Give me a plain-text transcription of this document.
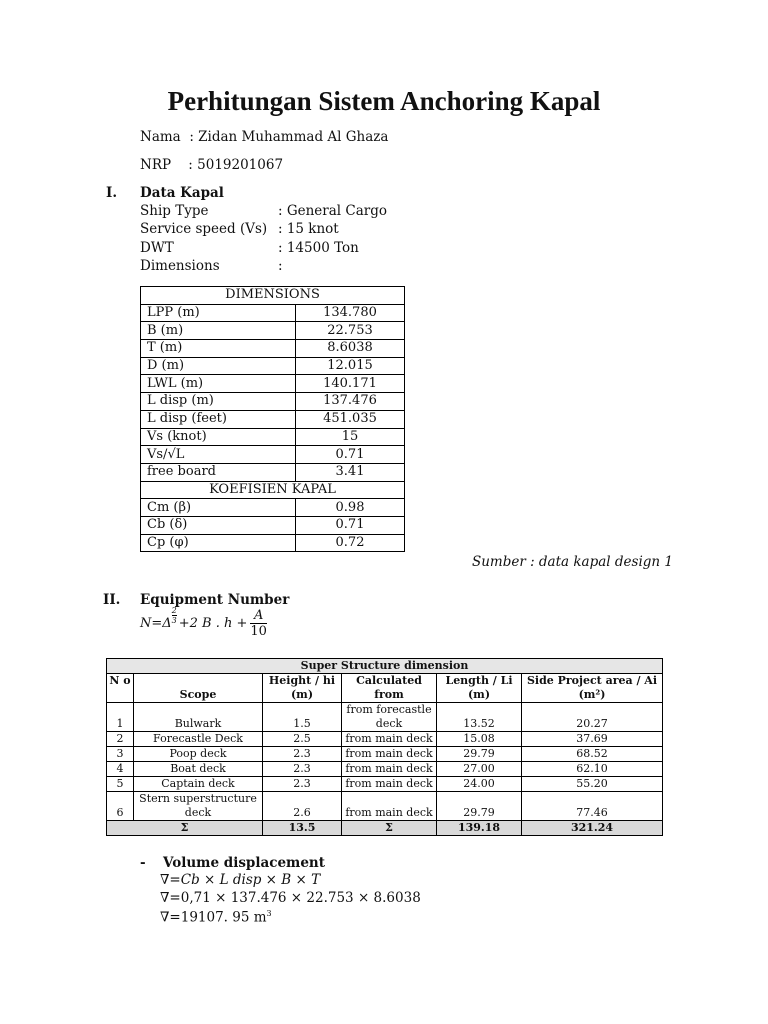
Perhitungan Sistem Anchoring Kapal
Nama : Zidan Muhammad Al Ghaza
NRP : 5019201067
I. Data Kapal
Ship Type	: General Cargo
Service speed (Vs) : 15 knot
DWT	: 14500 Ton
Dimensions	:
DIMENSIONS	
LPP (m)	134.780
B (m)	22.753
T (m)	8.6038
D (m)	12.015
LWL (m)	140.171
L disp (m)	137.476
L disp (feet)	451.035
Vs (knot)	15
Vs/√L	0.71
free board	3.41
KOEFISIEN KAPAL	
Cm (β)	0.98
Cb (δ)	0.71
Cp (φ)	0.72
Sumber : data kapal design 1
II. Equipment Number
$N=\Delta \frac{2}{3} +2$ B . $h + \frac{A}{10}$
Super Structure dimension					
N o	Scope	Height / hi (m)	Calculated from	Length / Li (m)	Side Project area / Ai (m²)
1	Bulwark	1.5	from forecastle deck	13.52	20.27
2	Forecastle Deck	2.5	from main deck	15.08	37.69
3	Poop deck	2.3	from main deck	29.79	68.52
4	Boat deck	2.3	from main deck	27.00	62.10
5	Captain deck	2.3	from main deck	24.00	55.20
6	Stern superstructure deck	2.6	from main deck	29.79	77.46
Σ		13.5	Σ	139.18	321.24
- Volume displacement
∇=Cb × L disp × B × T
∇=0,71 × 137.476 × 22.753 × 8.6038
∇=19107. 95 $m^3$
